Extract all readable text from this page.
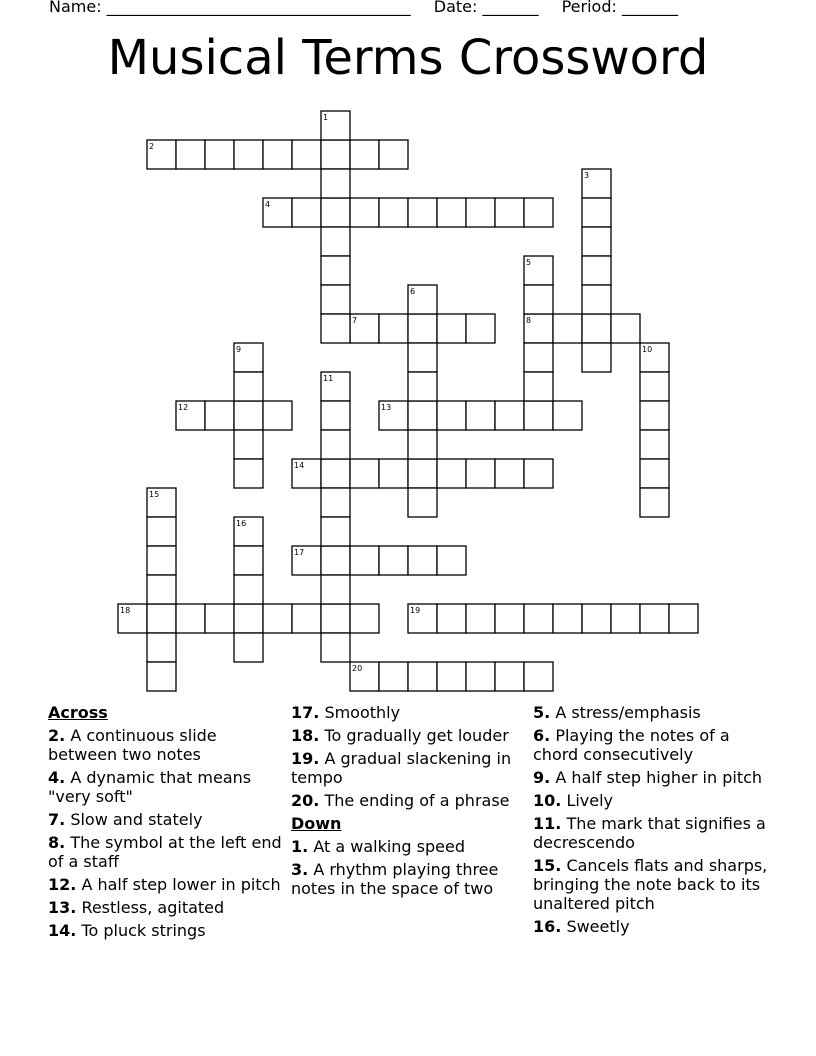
Name: ______________________________________ Date: _______ Period: _______
Musical Terms Crossword
2
4
7	8
12	13
14
17
18	19
20
1
3
5
6
9	10
11
15
16
Across
2. A continuous slide between two notes
4. A dynamic that means "very soft"
7. Slow and stately
8. The symbol at the left end of a staff
12. A half step lower in pitch
13. Restless, agitated
14. To pluck strings
17. Smoothly
18. To gradually get louder
19. A gradual slackening in tempo
20. The ending of a phrase
Down
1. At a walking speed
3. A rhythm playing three notes in the space of two
5. A stress/emphasis
6. Playing the notes of a chord consecutively
9. A half step higher in pitch
10. Lively
11. The mark that signifies a decrescendo
15. Cancels flats and sharps, bringing the note back to its unaltered pitch
16. Sweetly
